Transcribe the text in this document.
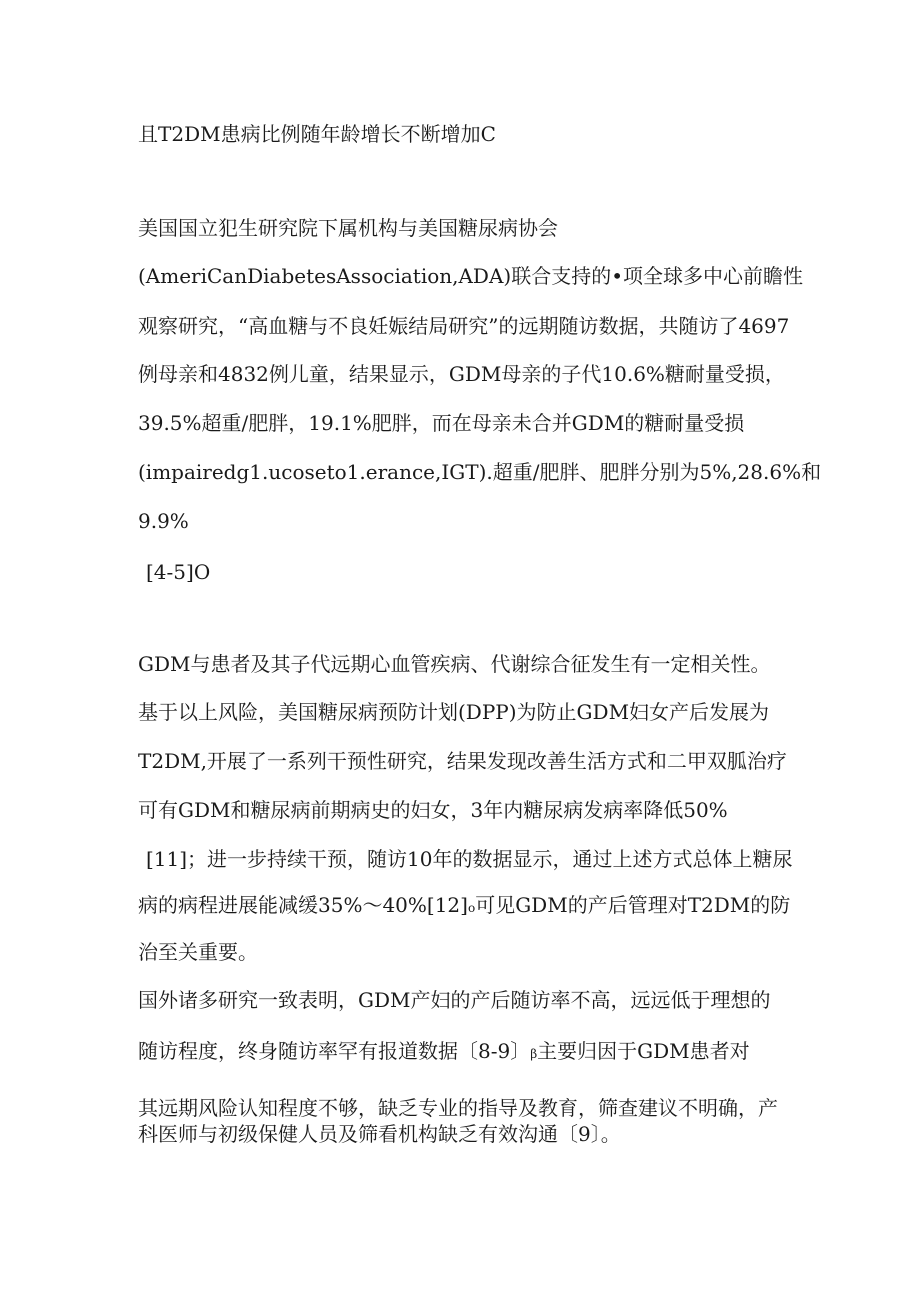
且T2DM患病比例随年龄增长不断增加C
美国国立犯生研究院下属机构与美国糖尿病协会
(AmeriCanDiabetesAssociation,ADA)联合支持的•项全球多中心前瞻性
观察研究，“高血糖与不良妊娠结局研究”的远期随访数据，共随访了4697
例母亲和4832例儿童，结果显示，GDM母亲的子代10.6%糖耐量受损，
39.5%超重/肥胖，19.1%肥胖，而在母亲未合并GDM的糖耐量受损
(impairedg1.ucoseto1.erance,IGT).超重/肥胖、肥胖分别为5%,28.6%和
9.9%
[4-5]O
GDM与患者及其子代远期心血管疾病、代谢综合征发生有一定相关性。
基于以上风险，美国糖尿病预防计划(DPP)为防止GDM妇女产后发展为
T2DM,开展了一系列干预性研究，结果发现改善生活方式和二甲双胍治疗
可有GDM和糖尿病前期病史的妇女，3年内糖尿病发病率降低50%
[11]；进一步持续干预，随访10年的数据显示，通过上述方式总体上糖尿
病的病程进展能减缓35%～40%[12]o可见GDM的产后管理对T2DM的防
治至关重要。
国外诸多研究一致表明，GDM产妇的产后随访率不高，远远低于理想的
随访程度，终身随访率罕有报道数据〔8-9〕β主要归因于GDM患者对
其远期风险认知程度不够，缺乏专业的指导及教育，筛查建议不明确，产
科医师与初级保健人员及筛看机构缺乏有效沟通〔9〕。
